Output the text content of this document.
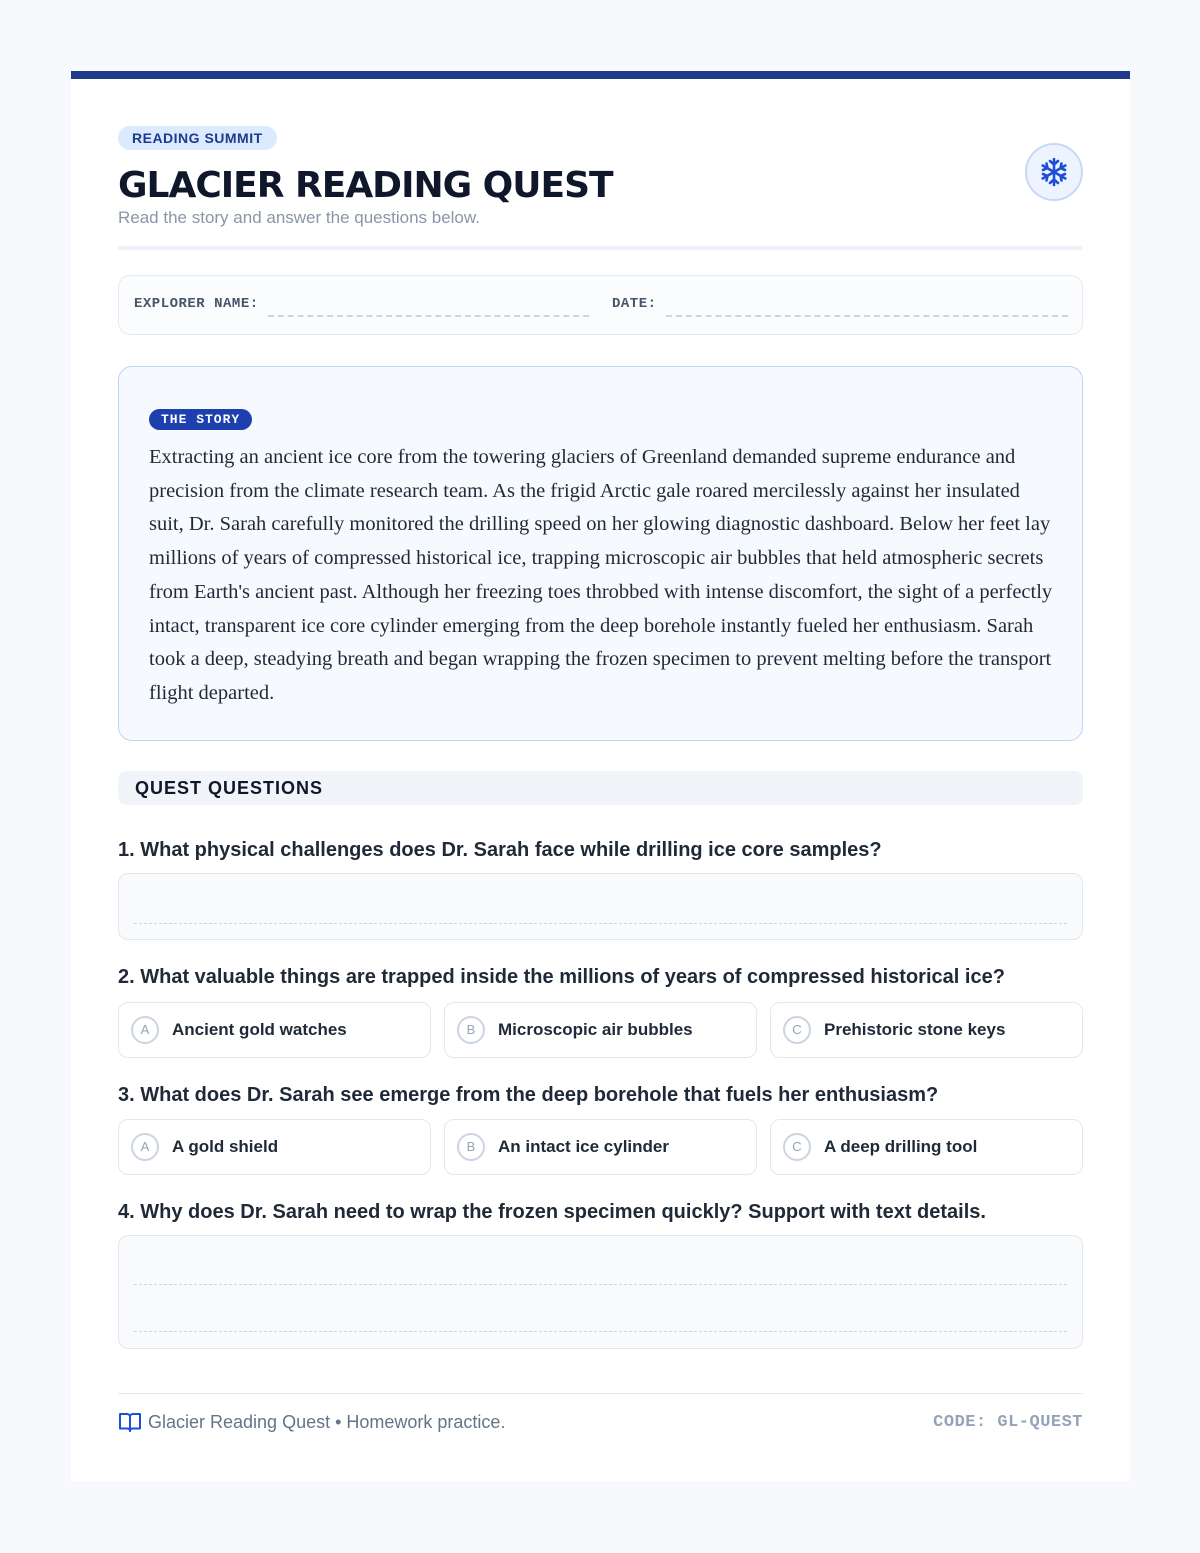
READING SUMMIT
GLACIER READING QUEST
Read the story and answer the questions below.
EXPLORER NAME:	DATE:
THE STORY

Extracting an ancient ice core from the towering glaciers of Greenland demanded supreme endurance and precision from the climate research team. As the frigid Arctic gale roared mercilessly against her insulated suit, Dr. Sarah carefully monitored the drilling speed on her glowing diagnostic dashboard. Below her feet lay millions of years of compressed historical ice, trapping microscopic air bubbles that held atmospheric secrets from Earth's ancient past. Although her freezing toes throbbed with intense discomfort, the sight of a perfectly intact, transparent ice core cylinder emerging from the deep borehole instantly fueled her enthusiasm. Sarah took a deep, steadying breath and began wrapping the frozen specimen to prevent melting before the transport flight departed.

QUEST QUESTIONS

1. What physical challenges does Dr. Sarah face while drilling ice core samples?

2. What valuable things are trapped inside the millions of years of compressed historical ice?

A	Ancient gold watches	B	Microscopic air bubbles	C	Prehistoric stone keys

3. What does Dr. Sarah see emerge from the deep borehole that fuels her enthusiasm?

A	A gold shield	B	An intact ice cylinder	C	A deep drilling tool

4. Why does Dr. Sarah need to wrap the frozen specimen quickly? Support with text details.

Glacier Reading Quest • Homework practice.	CODE: GL-QUEST
